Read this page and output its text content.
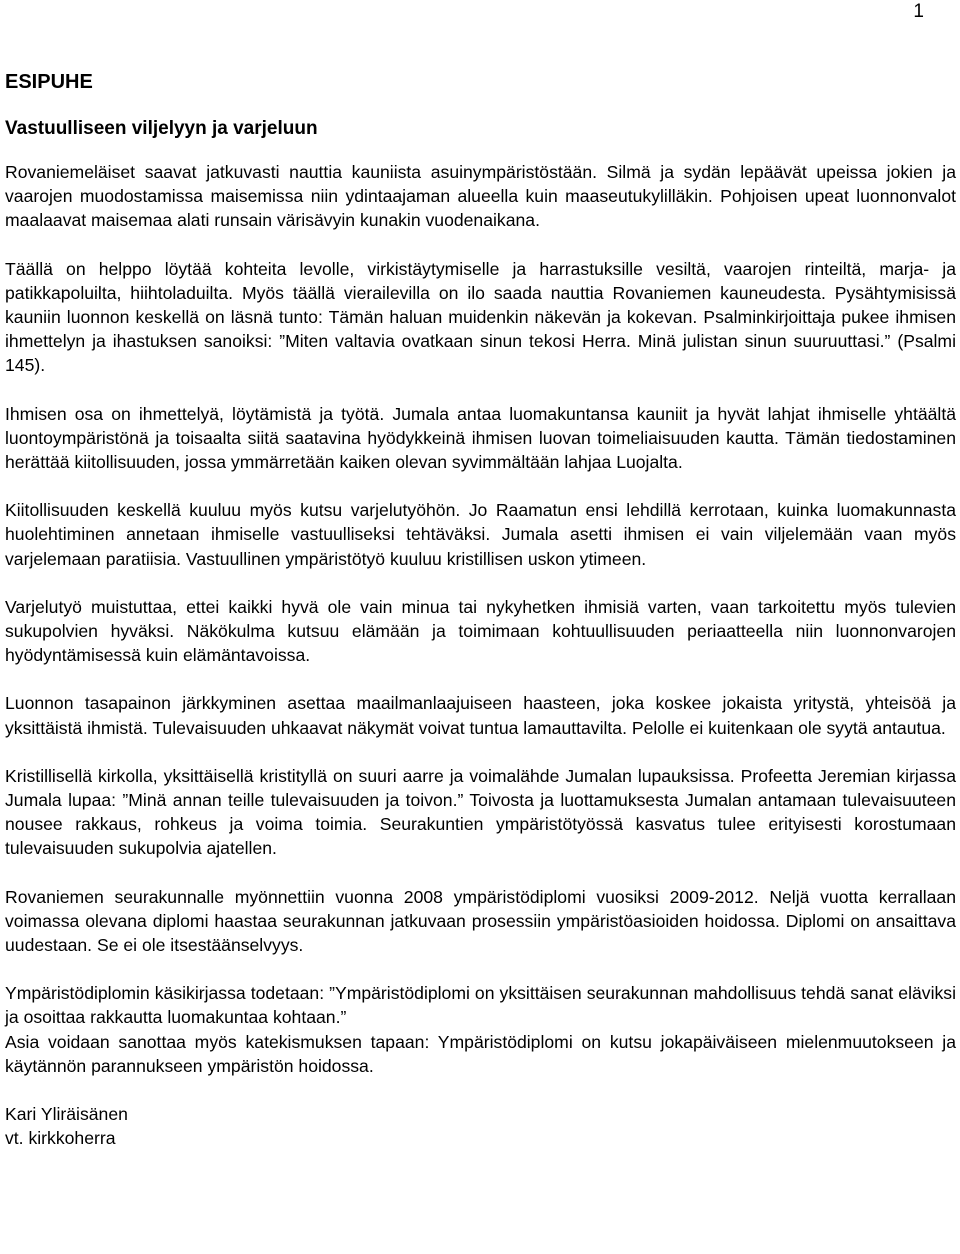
1
ESIPUHE
Vastuulliseen viljelyyn ja varjeluun

Rovaniemeläiset saavat jatkuvasti nauttia kauniista asuinympäristöstään. Silmä ja sydän lepäävät upeissa jokien ja vaarojen muodostamissa maisemissa niin ydintaajaman alueella kuin maaseutukylilläkin. Pohjoisen upeat luonnonvalot maalaavat maisemaa alati runsain värisävyin kunakin vuodenaikana.

Täällä on helppo löytää kohteita levolle, virkistäytymiselle ja harrastuksille vesiltä, vaarojen rinteiltä, marja- ja patikkapoluilta, hiihtoladuilta. Myös täällä vierailevilla on ilo saada nauttia Rovaniemen kauneudesta. Pysähtymisissä kauniin luonnon keskellä on läsnä tunto: Tämän haluan muidenkin näkevän ja kokevan. Psalminkirjoittaja pukee ihmisen ihmettelyn ja ihastuksen sanoiksi: ”Miten valtavia ovatkaan sinun tekosi Herra. Minä julistan sinun suuruuttasi.” (Psalmi 145).

Ihmisen osa on ihmettelyä, löytämistä ja työtä. Jumala antaa luomakuntansa kauniit ja hyvät lahjat ihmiselle yhtäältä luontoympäristönä ja toisaalta siitä saatavina hyödykkeinä ihmisen luovan toimeliaisuuden kautta. Tämän tiedostaminen herättää kiitollisuuden, jossa ymmärretään kaiken olevan syvimmältään lahjaa Luojalta.

Kiitollisuuden keskellä kuuluu myös kutsu varjelutyöhön. Jo Raamatun ensi lehdillä kerrotaan, kuinka luomakunnasta huolehtiminen annetaan ihmiselle vastuulliseksi tehtäväksi. Jumala asetti ihmisen ei vain viljelemään vaan myös varjelemaan paratiisia. Vastuullinen ympäristötyö kuuluu kristillisen uskon ytimeen.

Varjelutyö muistuttaa, ettei kaikki hyvä ole vain minua tai nykyhetken ihmisiä varten, vaan tarkoitettu myös tulevien sukupolvien hyväksi. Näkökulma kutsuu elämään ja toimimaan kohtuullisuuden periaatteella niin luonnonvarojen hyödyntämisessä kuin elämäntavoissa.

Luonnon tasapainon järkkyminen asettaa maailmanlaajuiseen haasteen, joka koskee jokaista yritystä, yhteisöä ja yksittäistä ihmistä. Tulevaisuuden uhkaavat näkymät voivat tuntua lamauttavilta. Pelolle ei kuitenkaan ole syytä antautua.

Kristillisellä kirkolla, yksittäisellä kristityllä on suuri aarre ja voimalähde Jumalan lupauksissa. Profeetta Jeremian kirjassa Jumala lupaa: ”Minä annan teille tulevaisuuden ja toivon.” Toivosta ja luottamuksesta Jumalan antamaan tulevaisuuteen nousee rakkaus, rohkeus ja voima toimia. Seurakuntien ympäristötyössä kasvatus tulee erityisesti korostumaan tulevaisuuden sukupolvia ajatellen.

Rovaniemen seurakunnalle myönnettiin vuonna 2008 ympäristödiplomi vuosiksi 2009-2012. Neljä vuotta kerrallaan voimassa olevana diplomi haastaa seurakunnan jatkuvaan prosessiin ympäristöasioiden hoidossa. Diplomi on ansaittava uudestaan. Se ei ole itsestäänselvyys.

Ympäristödiplomin käsikirjassa todetaan: ”Ympäristödiplomi on yksittäisen seurakunnan mahdollisuus tehdä sanat eläviksi ja osoittaa rakkautta luomakuntaa kohtaan.”

Asia voidaan sanottaa myös katekismuksen tapaan: Ympäristödiplomi on kutsu jokapäiväiseen mielenmuutokseen ja käytännön parannukseen ympäristön hoidossa.

Kari Yliräisänen
vt. kirkkoherra
